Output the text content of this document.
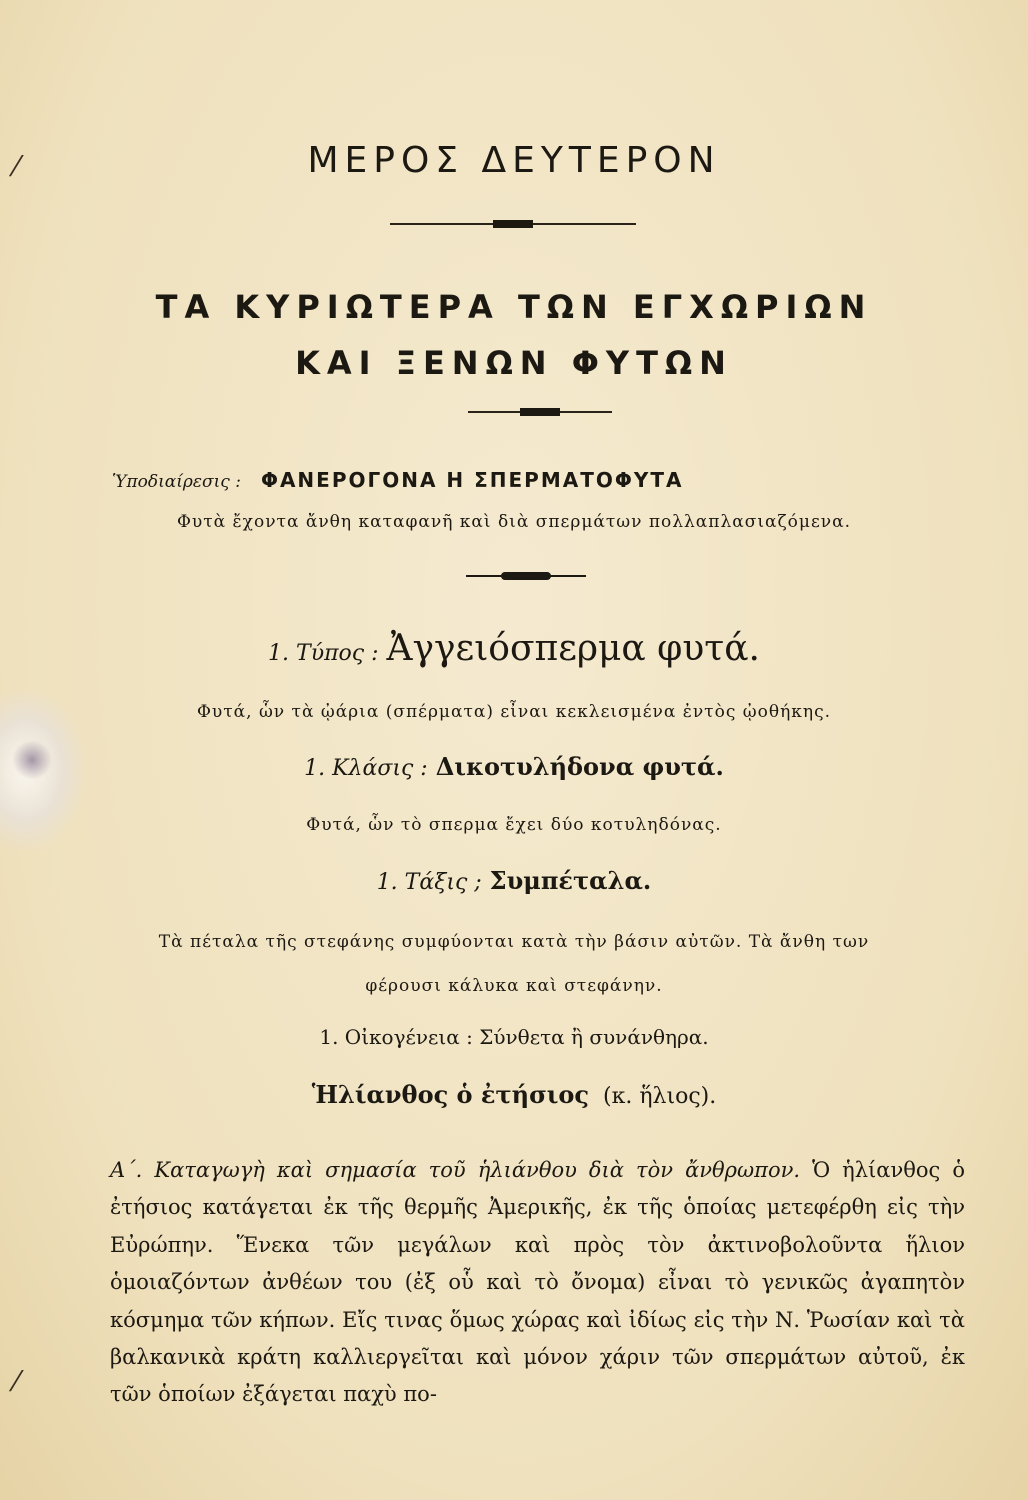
⁄
⁄
ΜΕΡΟΣ ΔΕΥΤΕΡΟΝ
ΤΑ ΚΥΡΙΩΤΕΡΑ ΤΩΝ ΕΓΧΩΡΙΩΝ
ΚΑΙ ΞΕΝΩΝ ΦΥΤΩΝ
Ὑποδιαίρεσις : ΦΑΝΕΡΟΓΟΝΑ Η ΣΠΕΡΜΑΤΟΦΥΤΑ
Φυτὰ ἔχοντα ἄνθη καταφανῆ καὶ διὰ σπερμάτων πολλαπλασιαζόμενα.
1. Τύπος : Ἀγγειόσπερμα φυτά.
Φυτά, ὧν τὰ ᾠάρια (σπέρματα) εἶναι κεκλεισμένα ἐντὸς ᾠοθήκης.
1. Κλάσις : Δικοτυλήδονα φυτά.
Φυτά, ὧν τὸ σπερμα ἔχει δύο κοτυληδόνας.
1. Τάξις ; Συμπέταλα.
Τὰ πέταλα τῆς στεφάνης συμφύονται κατὰ τὴν βάσιν αὐτῶν. Τὰ ἄνθη των
φέρουσι κάλυκα καὶ στεφάνην.
1. Οἰκογένεια : Σύνθετα ἢ συνάνθηρα.
Ἡλίανθος ὁ ἐτήσιος (κ. ἥλιος).

Α΄. Καταγωγὴ καὶ σημασία τοῦ ἡλιάνθου διὰ τὸν ἄνθρωπον. Ὁ ἡλίανθος ὁ ἐτήσιος κατάγεται ἐκ τῆς θερμῆς Ἀμερικῆς, ἐκ τῆς ὁποίας μετεφέρθη εἰς τὴν Εὐρώπην. Ἕνεκα τῶν μεγάλων καὶ πρὸς τὸν ἀκτινοβολοῦντα ἥλιον ὁμοιαζόντων ἀνθέων του (ἐξ οὗ καὶ τὸ ὄνομα) εἶναι τὸ γενικῶς ἀγαπητὸν κόσμημα τῶν κήπων. Εἴς τινας ὅμως χώρας καὶ ἰδίως εἰς τὴν Ν. Ῥωσίαν καὶ τὰ βαλκανικὰ κράτη καλλιεργεῖται καὶ μόνον χάριν τῶν σπερμάτων αὐτοῦ, ἐκ τῶν ὁποίων ἐξάγεται παχὺ πο-
